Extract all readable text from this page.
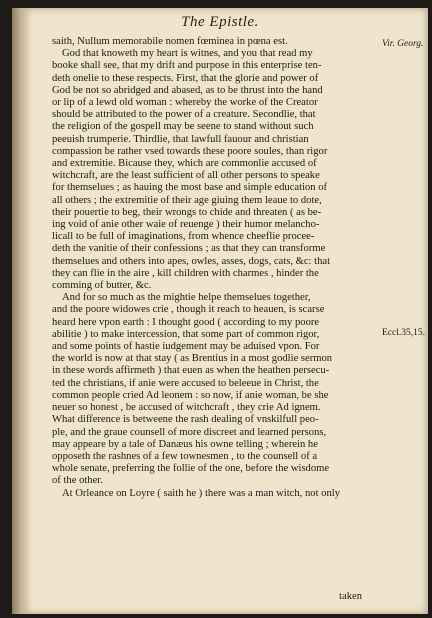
The Epistle.
Vir. Georg.
Eccl.35,15.
saith, Nullum memorabile nomen fœminea in pœna est.
God that knoweth my heart is witnes, and you that read my
booke shall see, that my drift and purpose in this enterprise ten-
deth onelie to these respects. First, that the glorie and power of
God be not so abridged and abased, as to be thrust into the hand
or lip of a lewd old woman : whereby the worke of the Creator
should be attributed to the power of a creature. Secondlie, that
the religion of the gospell may be seene to stand without such
peeuish trumperie. Thirdlie, that lawfull fauour and christian
compassion be rather vsed towards these poore soules, than rigor
and extremitie. Bicause they, which are commonlie accused of
witchcraft, are the least sufficient of all other persons to speake
for themselues ; as hauing the most base and simple education of
all others ; the extremitie of their age giuing them leaue to dote,
their pouertie to beg, their wrongs to chide and threaten ( as be-
ing void of anie other waie of reuenge ) their humor melancho-
licall to be full of imaginations, from whence cheeflie procee-
deth the vanitie of their confessions ; as that they can transforme
themselues and others into apes, owles, asses, dogs, cats, &c: that
they can flie in the aire , kill children with charmes , hinder the
comming of butter, &c.
And for so much as the mightie helpe themselues together,
and the poore widowes crie , though it reach to heauen, is scarse
heard here vpon earth : I thought good ( according to my poore
abilitie ) to make intercession, that some part of common rigor,
and some points of hastie iudgement may be aduised vpon. For
the world is now at that stay ( as Brentius in a most godlie sermon
in these words affirmeth ) that euen as when the heathen persecu-
ted the christians, if anie were accused to beleeue in Christ, the
common people cried Ad leonem : so now, if anie woman, be she
neuer so honest , be accused of witchcraft , they crie Ad ignem.
What difference is betweene the rash dealing of vnskilfull peo-
ple, and the graue counsell of more discreet and learned persons,
may appeare by a tale of Danæus his owne telling ; wherein he
opposeth the rashnes of a few townesmen , to the counsell of a
whole senate, preferring the follie of the one, before the wisdome
of the other.
At Orleance on Loyre ( saith he ) there was a man witch, not only
taken
